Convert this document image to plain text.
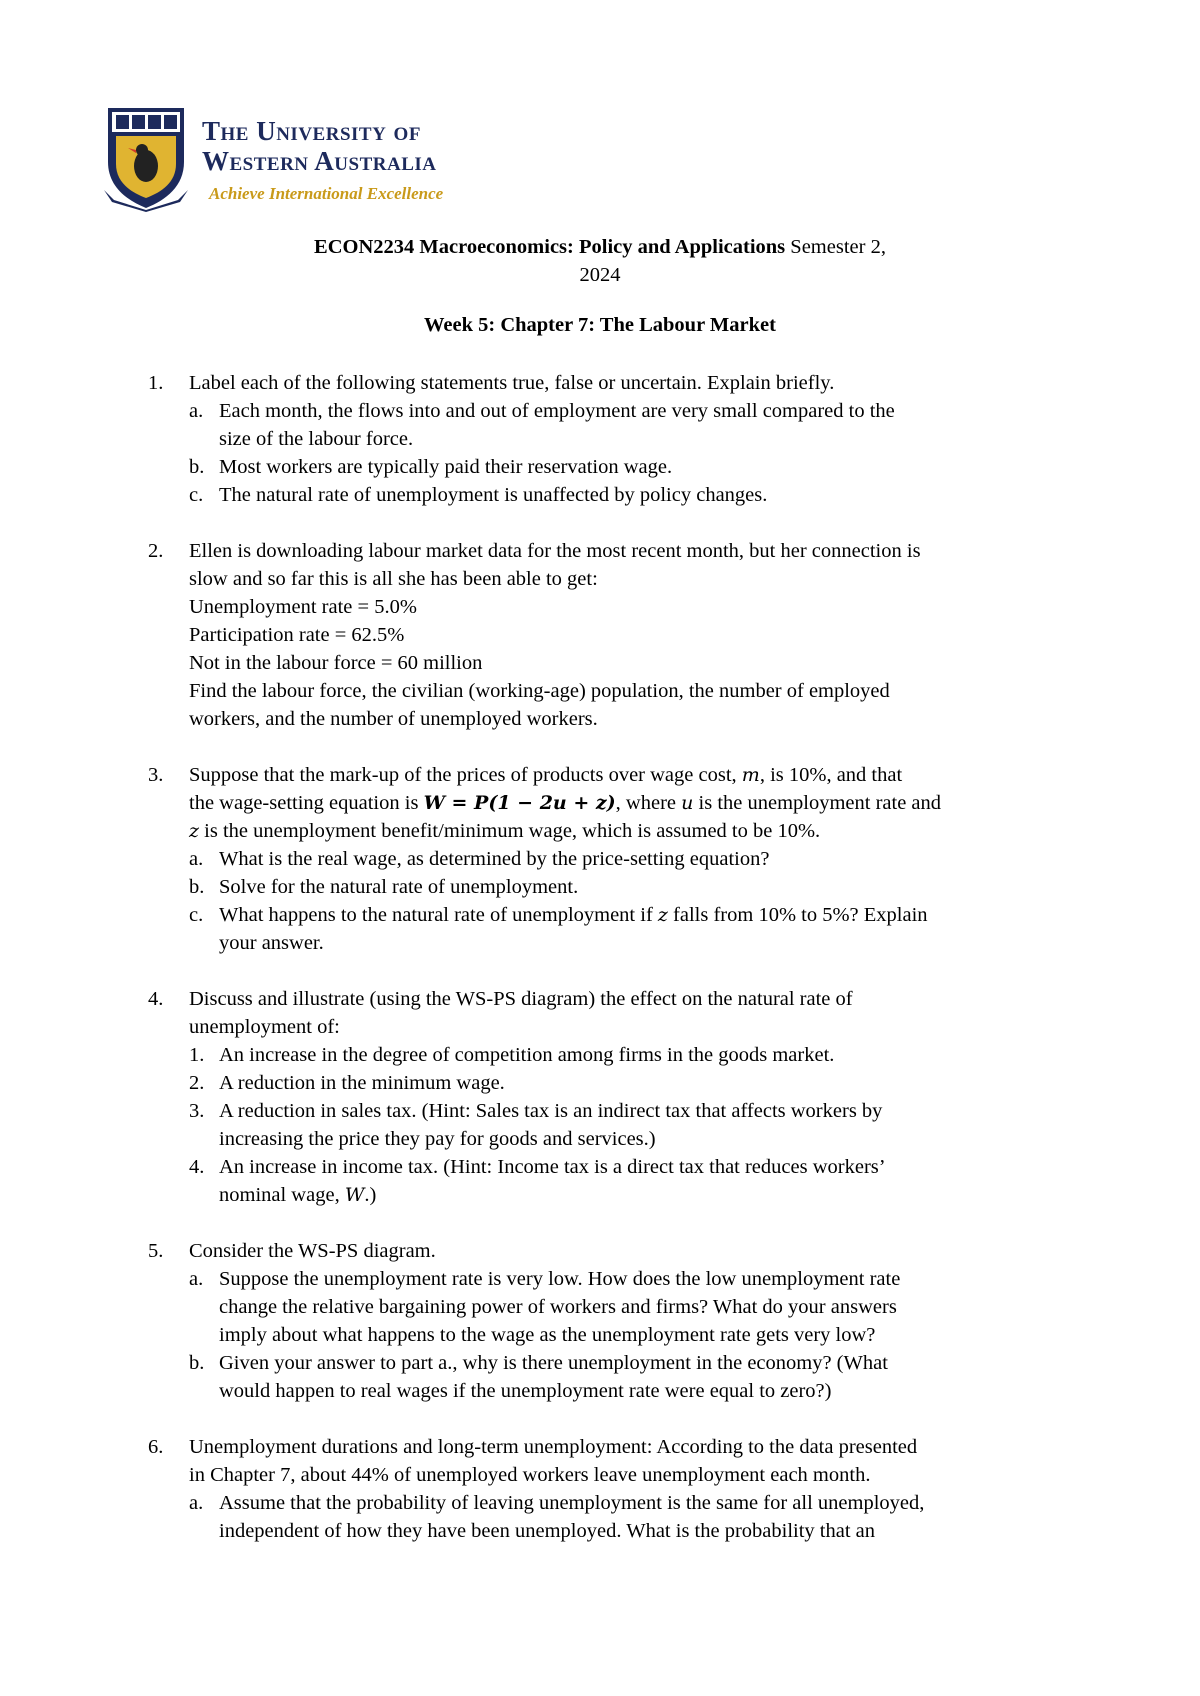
The University of
Western Australia
Achieve International Excellence
ECON2234 Macroeconomics: Policy and Applications Semester 2,
2024
Week 5: Chapter 7: The Labour Market
1. Label each of the following statements true, false or uncertain. Explain briefly.
a. Each month, the flows into and out of employment are very small compared to the
size of the labour force.
b. Most workers are typically paid their reservation wage.
c. The natural rate of unemployment is unaffected by policy changes.
2. Ellen is downloading labour market data for the most recent month, but her connection is
slow and so far this is all she has been able to get:
Unemployment rate = 5.0%
Participation rate = 62.5%
Not in the labour force = 60 million
Find the labour force, the civilian (working-age) population, the number of employed
workers, and the number of unemployed workers.
3. Suppose that the mark-up of the prices of products over wage cost, m, is 10%, and that
the wage-setting equation is W = P(1 − 2u + z), where u is the unemployment rate and
z is the unemployment benefit/minimum wage, which is assumed to be 10%.
a. What is the real wage, as determined by the price-setting equation?
b. Solve for the natural rate of unemployment.
c. What happens to the natural rate of unemployment if z falls from 10% to 5%? Explain
your answer.
4. Discuss and illustrate (using the WS-PS diagram) the effect on the natural rate of
unemployment of:
1. An increase in the degree of competition among firms in the goods market.
2. A reduction in the minimum wage.
3. A reduction in sales tax. (Hint: Sales tax is an indirect tax that affects workers by
increasing the price they pay for goods and services.)
4. An increase in income tax. (Hint: Income tax is a direct tax that reduces workers’
nominal wage, W.)
5. Consider the WS-PS diagram.
a. Suppose the unemployment rate is very low. How does the low unemployment rate
change the relative bargaining power of workers and firms? What do your answers
imply about what happens to the wage as the unemployment rate gets very low?
b. Given your answer to part a., why is there unemployment in the economy? (What
would happen to real wages if the unemployment rate were equal to zero?)
6. Unemployment durations and long-term unemployment: According to the data presented
in Chapter 7, about 44% of unemployed workers leave unemployment each month.
a. Assume that the probability of leaving unemployment is the same for all unemployed,
independent of how they have been unemployed. What is the probability that an
